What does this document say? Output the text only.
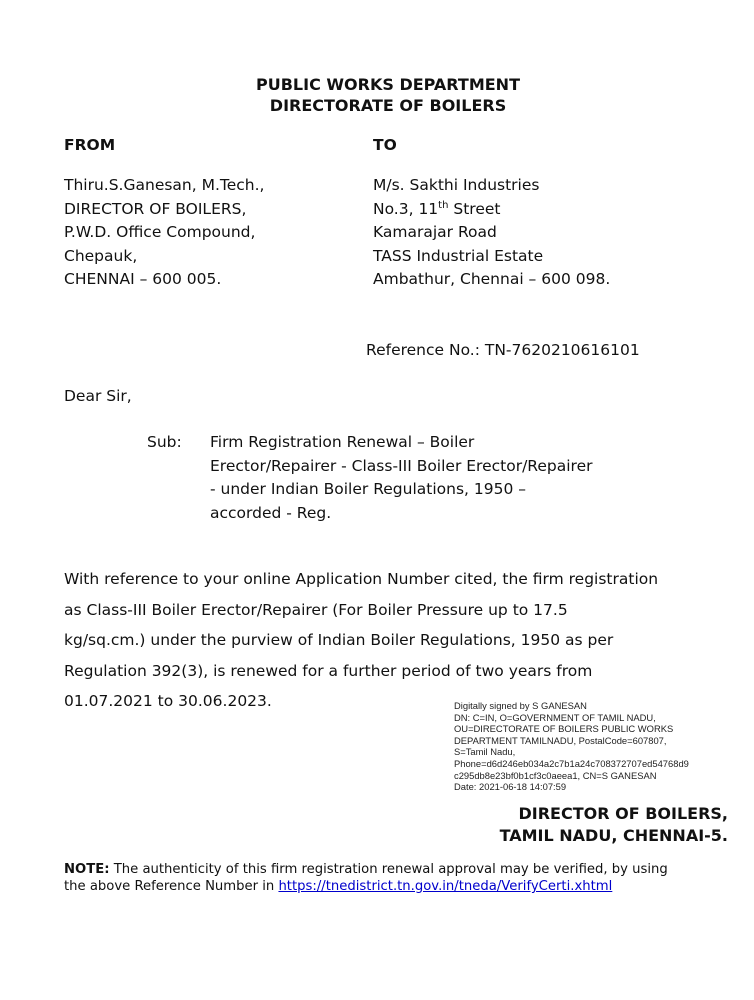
PUBLIC WORKS DEPARTMENT
DIRECTORATE OF BOILERS
FROM	TO
Thiru.S.Ganesan, M.Tech.,
DIRECTOR OF BOILERS,
P.W.D. Office Compound,
Chepauk,
CHENNAI – 600 005.
M/s. Sakthi Industries
No.3, 11th Street
Kamarajar Road
TASS Industrial Estate
Ambathur, Chennai – 600 098.
Reference No.: TN-7620210616101
Dear Sir,
Sub: Firm Registration Renewal – Boiler
Erector/Repairer - Class-III Boiler Erector/Repairer
- under Indian Boiler Regulations, 1950 –
accorded - Reg.
With reference to your online Application Number cited, the firm registration
as Class-III Boiler Erector/Repairer (For Boiler Pressure up to 17.5
kg/sq.cm.) under the purview of Indian Boiler Regulations, 1950 as per
Regulation 392(3), is renewed for a further period of two years from
01.07.2021 to 30.06.2023.	Digitally signed by S GANESAN
DN: C=IN, O=GOVERNMENT OF TAMIL NADU,
OU=DIRECTORATE OF BOILERS PUBLIC WORKS
DEPARTMENT TAMILNADU, PostalCode=607807,
S=Tamil Nadu,
Phone=d6d246eb034a2c7b1a24c708372707ed54768d9
c295db8e23bf0b1cf3c0aeea1, CN=S GANESAN
Date: 2021-06-18 14:07:59
DIRECTOR OF BOILERS,
TAMIL NADU, CHENNAI-5.
NOTE: The authenticity of this firm registration renewal approval may be verified, by using
the above Reference Number in https://tnedistrict.tn.gov.in/tneda/VerifyCerti.xhtml
